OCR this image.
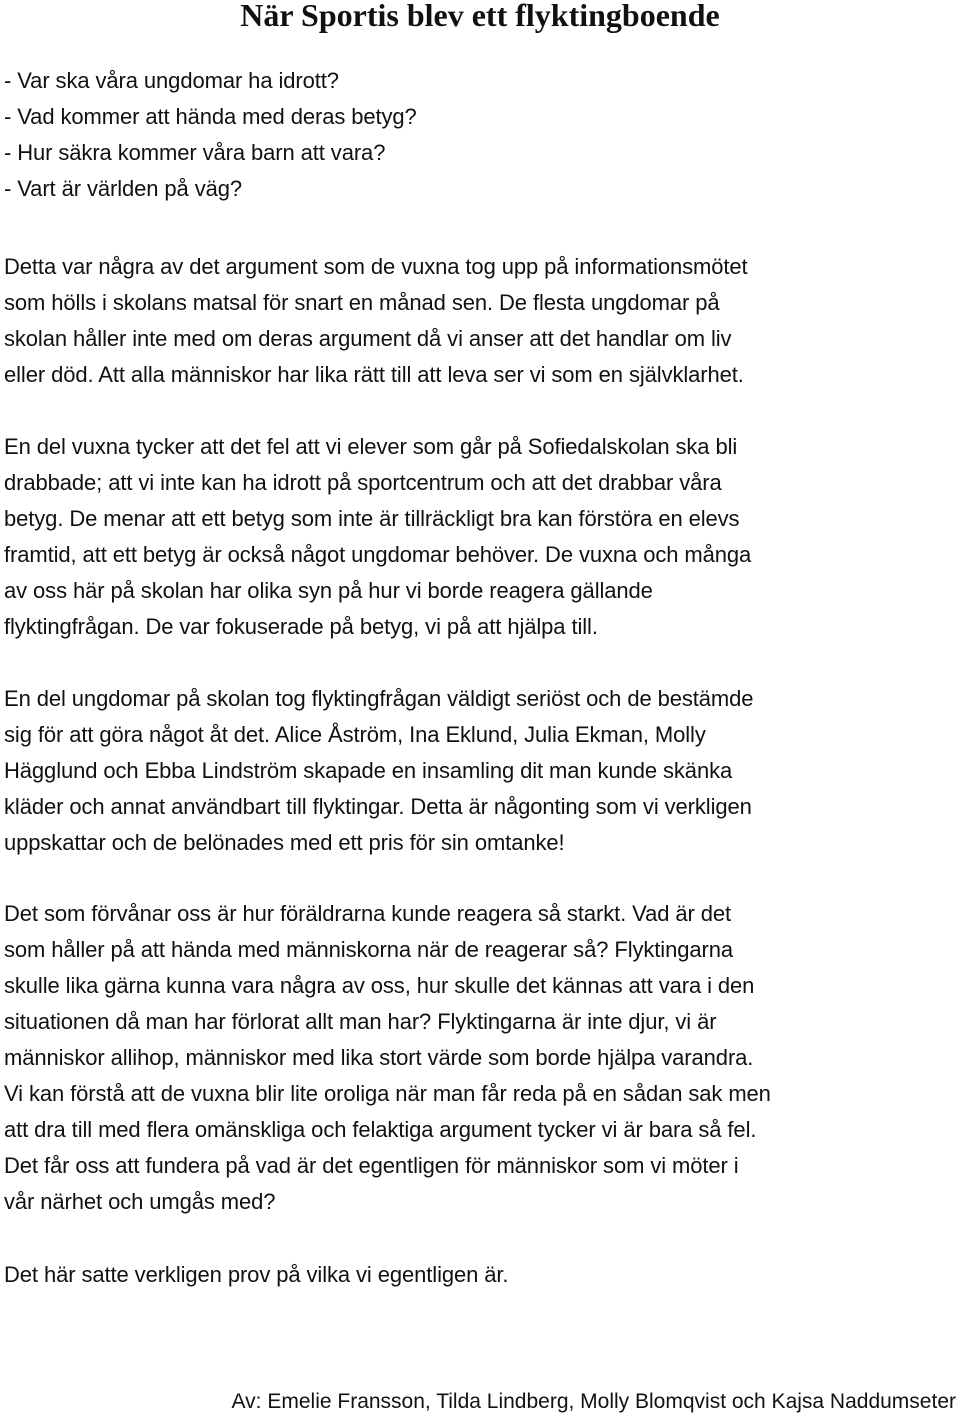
När Sportis blev ett flyktingboende
- Var ska våra ungdomar ha idrott?
- Vad kommer att hända med deras betyg?
- Hur säkra kommer våra barn att vara?
- Vart är världen på väg?
Detta var några av det argument som de vuxna tog upp på informationsmötet
som hölls i skolans matsal för snart en månad sen. De flesta ungdomar på
skolan håller inte med om deras argument då vi anser att det handlar om liv
eller död. Att alla människor har lika rätt till att leva ser vi som en självklarhet.
En del vuxna tycker att det fel att vi elever som går på Sofiedalskolan ska bli
drabbade; att vi inte kan ha idrott på sportcentrum och att det drabbar våra
betyg. De menar att ett betyg som inte är tillräckligt bra kan förstöra en elevs
framtid, att ett betyg är också något ungdomar behöver. De vuxna och många
av oss här på skolan har olika syn på hur vi borde reagera gällande
flyktingfrågan. De var fokuserade på betyg, vi på att hjälpa till.
En del ungdomar på skolan tog flyktingfrågan väldigt seriöst och de bestämde
sig för att göra något åt det. Alice Åström, Ina Eklund, Julia Ekman, Molly
Hägglund och Ebba Lindström skapade en insamling dit man kunde skänka
kläder och annat användbart till flyktingar. Detta är någonting som vi verkligen
uppskattar och de belönades med ett pris för sin omtanke!
Det som förvånar oss är hur föräldrarna kunde reagera så starkt. Vad är det
som håller på att hända med människorna när de reagerar så? Flyktingarna
skulle lika gärna kunna vara några av oss, hur skulle det kännas att vara i den
situationen då man har förlorat allt man har? Flyktingarna är inte djur, vi är
människor allihop, människor med lika stort värde som borde hjälpa varandra.
Vi kan förstå att de vuxna blir lite oroliga när man får reda på en sådan sak men
att dra till med flera omänskliga och felaktiga argument tycker vi är bara så fel.
Det får oss att fundera på vad är det egentligen för människor som vi möter i
vår närhet och umgås med?
Det här satte verkligen prov på vilka vi egentligen är.
Av: Emelie Fransson, Tilda Lindberg, Molly Blomqvist och Kajsa Naddumseter
